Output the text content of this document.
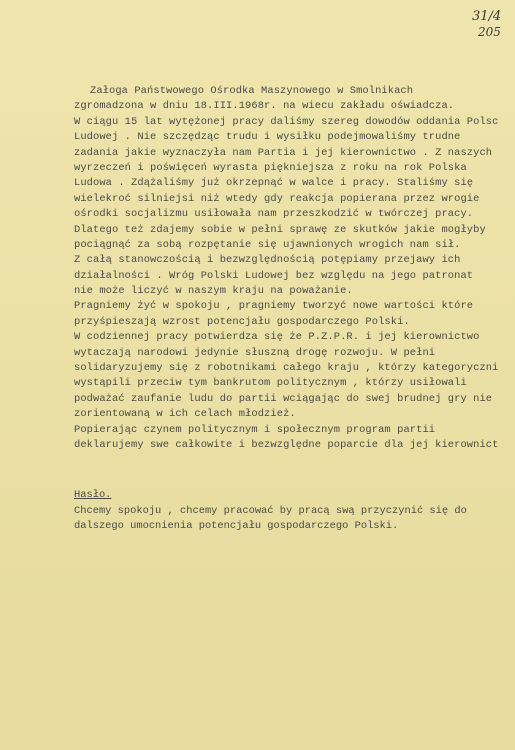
31/4
205
Załoga Państwowego Ośrodka Maszynowego w Smolnikach
zgromadzona w dniu 18.III.1968r. na wiecu zakładu oświadcza.
W ciągu 15 lat wytężonej pracy daliśmy szereg dowodów oddania Polsc
Ludowej . Nie szczędząc trudu i wysiłku podejmowaliśmy trudne
zadania jakie wyznaczyła nam Partia i jej kierownictwo . Z naszych
wyrzeczeń i poświęceń wyrasta piękniejsza z roku na rok Polska
Ludowa . Zdążaliśmy już okrzepnąć w walce i pracy. Staliśmy się
wielekroć silniejsi niż wtedy gdy reakcja popierana przez wrogie
ośrodki socjalizmu usiłowała nam przeszkodzić w twórczej pracy.
Dlatego też zdajemy sobie w pełni sprawę ze skutków jakie mogłyby
pociągnąć za sobą rozpętanie się ujawnionych wrogich nam sił.
Z całą stanowczością i bezwzględnością potępiamy przejawy ich
działalności . Wróg Polski Ludowej bez względu na jego patronat
nie może liczyć w naszym kraju na poważanie.
Pragniemy żyć w spokoju , pragniemy tworzyć nowe wartości które
przyśpieszają wzrost potencjału gospodarczego Polski.
W codziennej pracy potwierdza się że P.Z.P.R. i jej kierownictwo
wytaczają narodowi jedynie słuszną drogę rozwoju. W pełni
solidaryzujemy się z robotnikami całego kraju , którzy kategoryczni
wystąpili przeciw tym bankrutom politycznym , którzy usiłowali
podważać zaufanie ludu do partii wciągając do swej brudnej gry nie
zorientowaną w ich celach młodzież.
Popierając czynem politycznym i społecznym program partii
deklarujemy swe całkowite i bezwzględne poparcie dla jej kierownict
Hasło.
Chcemy spokoju , chcemy pracować by pracą swą przyczynić się do
dalszego umocnienia potencjału gospodarczego Polski.
